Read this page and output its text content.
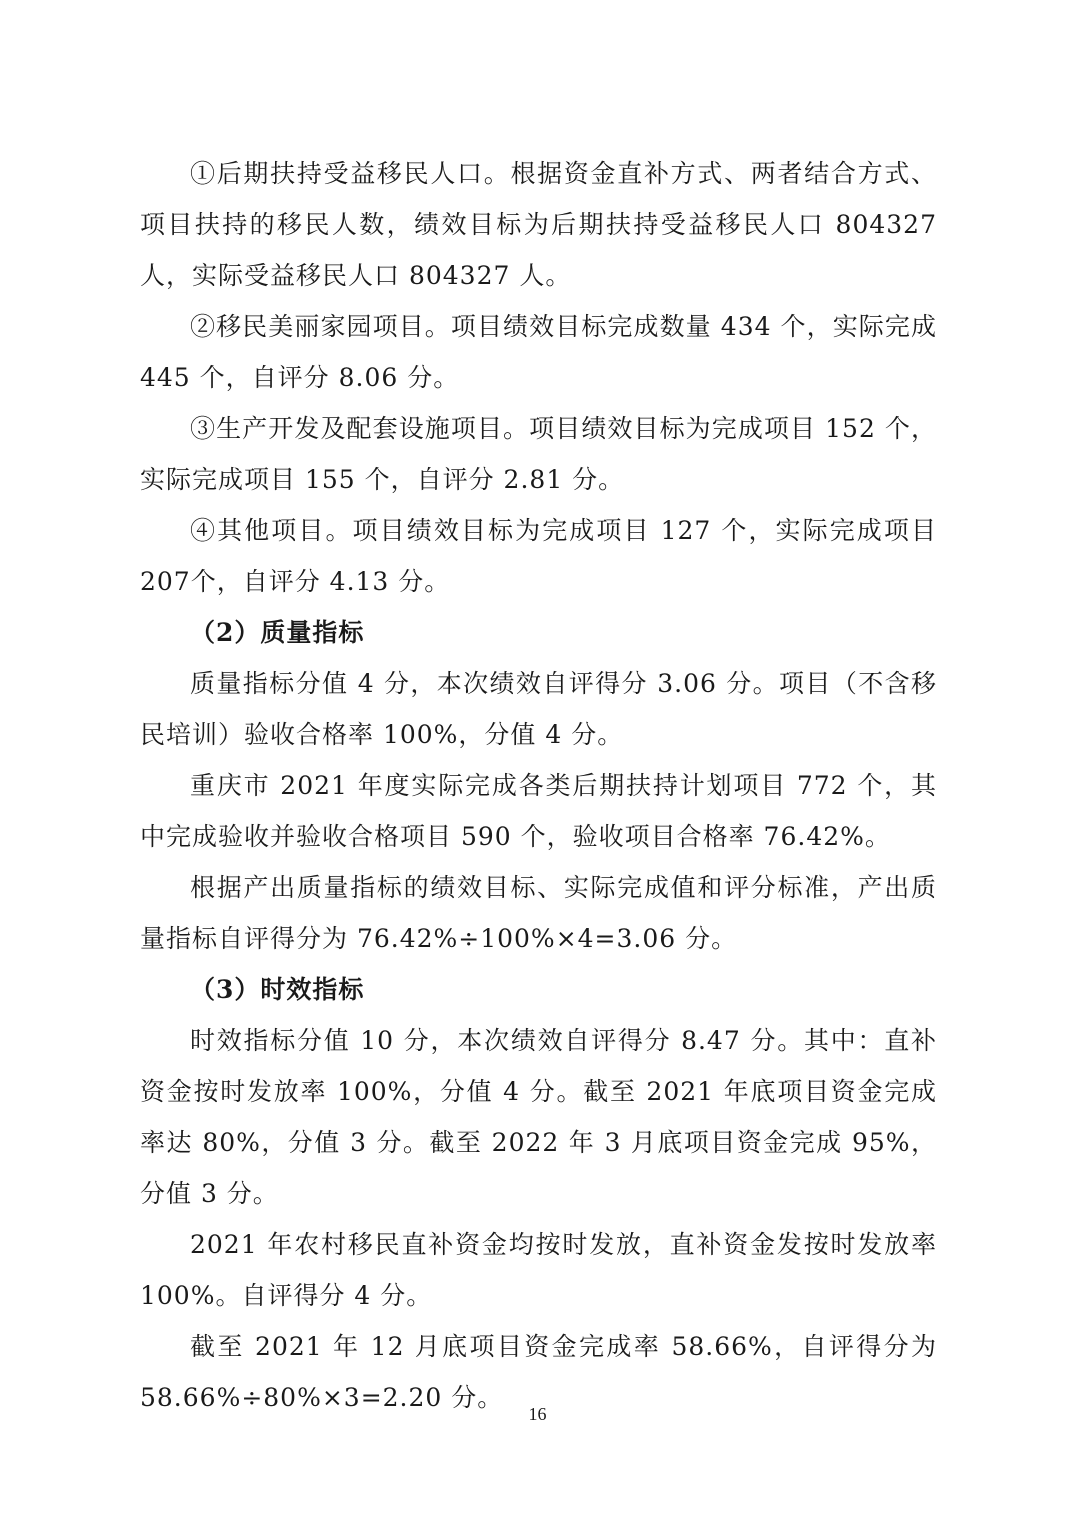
①后期扶持受益移民人口。根据资金直补方式、两者结合方式、项目扶持的移民人数，绩效目标为后期扶持受益移民人口 804327 人，实际受益移民人口 804327 人。

②移民美丽家园项目。项目绩效目标完成数量 434 个，实际完成445 个，自评分 8.06 分。

③生产开发及配套设施项目。项目绩效目标为完成项目 152 个，实际完成项目 155 个，自评分 2.81 分。

④其他项目。项目绩效目标为完成项目 127 个，实际完成项目 207个，自评分 4.13 分。

（2）质量指标

质量指标分值 4 分，本次绩效自评得分 3.06 分。项目（不含移民培训）验收合格率 100%，分值 4 分。

重庆市 2021 年度实际完成各类后期扶持计划项目 772 个，其中完成验收并验收合格项目 590 个，验收项目合格率 76.42%。

根据产出质量指标的绩效目标、实际完成值和评分标准，产出质量指标自评得分为 76.42%÷100%×4=3.06 分。

（3）时效指标

时效指标分值 10 分，本次绩效自评得分 8.47 分。其中：直补资金按时发放率 100%，分值 4 分。截至 2021 年底项目资金完成率达 80%，分值 3 分。截至 2022 年 3 月底项目资金完成 95%，分值 3 分。

2021 年农村移民直补资金均按时发放，直补资金发按时发放率100%。自评得分 4 分。

截至 2021 年 12 月底项目资金完成率 58.66%，自评得分为58.66%÷80%×3=2.20 分。

16
